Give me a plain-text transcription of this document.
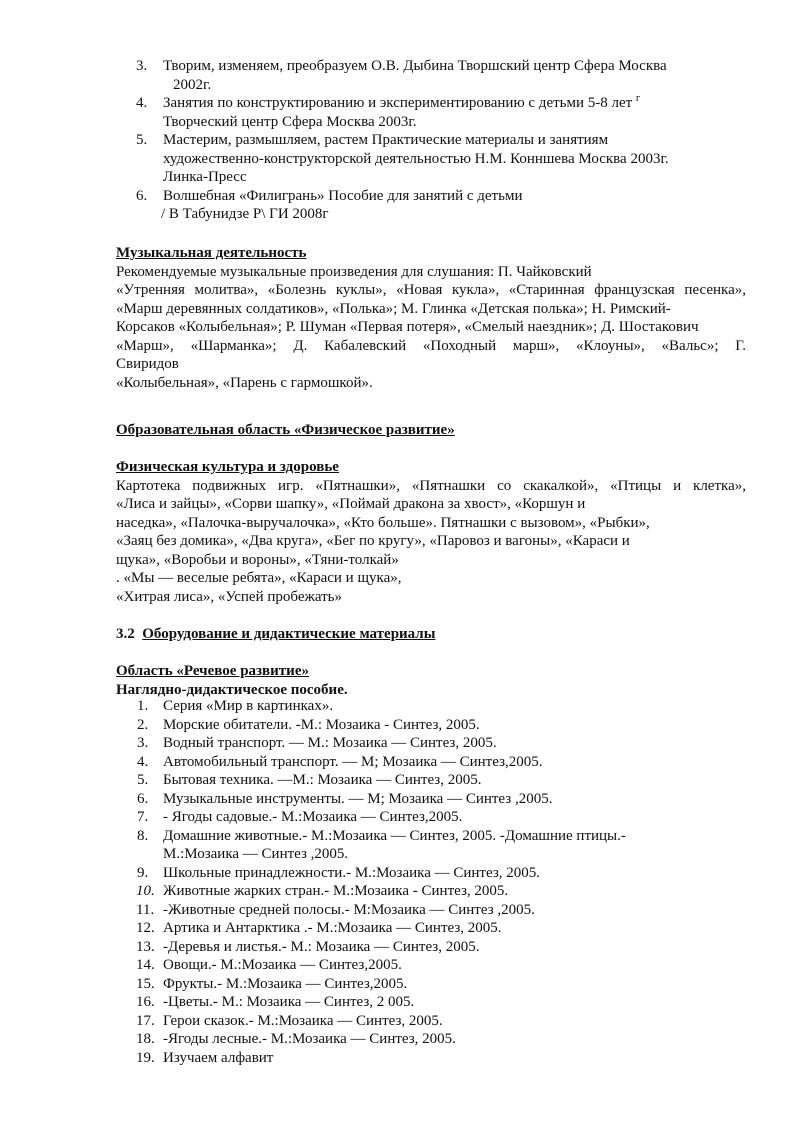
3. Творим, изменяем, преобразуем О.В. Дыбина Творшский центр Сфера Москва
2002г.
4. Занятия по конструктированию и экспериментированию с детьми 5-8 лет $^г$
Творческий центр Сфера Москва 2003г.
5. Мастерим, размышляем, растем Практические материалы и занятиям
художественно-конструкторской деятельностью Н.М. Конншева Москва 2003г.
Линка-Пресс
6. Волшебная «Филигрань» Пособие для занятий с детьми
/ В Табунидзе Р\ ГИ 2008г
Музыкальная деятельность
Рекомендуемые музыкальные произведения для слушания: П. Чайковский
«Утренняя молитва», «Болезнь куклы», «Новая кукла», «Старинная французская песенка»,
«Марш деревянных солдатиков», «Полька»; М. Глинка «Детская полька»; Н. Римский-
Корсаков «Колыбельная»; Р. Шуман «Первая потеря», «Смелый наездник»; Д. Шостакович
«Марш», «Шарманка»; Д. Кабалевский «Походный марш», «Клоуны», «Вальс»; Г.
Свиридов
«Колыбельная», «Парень с гармошкой».
Образовательная область «Физическое развитие»
Физическая культура и здоровье
Картотека подвижных игр. «Пятнашки», «Пятнашки со скакалкой», «Птицы и клетка»,
«Лиса и зайцы», «Сорви шапку», «Поймай дракона за хвост», «Коршун и
наседка», «Палочка-выручалочка», «Кто больше». Пятнашки с вызовом», «Рыбки»,
«Заяц без домика», «Два круга», «Бег по кругу», «Паровоз и вагоны», «Караси и
щука», «Воробьи и вороны», «Тяни-толкай»
. «Мы — веселые ребята», «Караси и щука»,
«Хитрая лиса», «Успей пробежать»
3.2 Оборудование и дидактические материалы
Область «Речевое развитие»
Наглядно-дидактическое пособие.
1. Серия «Мир в картинках».
2. Морские обитатели. -М.: Мозаика - Синтез, 2005.
3. Водный транспорт. — М.: Мозаика — Синтез, 2005.
4. Автомобильный транспорт. — М; Мозаика — Синтез,2005.
5. Бытовая техника. —М.: Мозаика — Синтез, 2005.
6. Музыкальные инструменты. — М; Мозаика — Синтез ,2005.
7. - Ягоды садовые.- М.:Мозаика — Синтез,2005.
8. Домашние животные.- М.:Мозаика — Синтез, 2005. -Домашние птицы.-
М.:Мозаика — Синтез ,2005.
9. Школьные принадлежности.- М.:Мозаика — Синтез, 2005.
10. Животные жарких стран.- М.:Мозаика - Синтез, 2005.
11. -Животные средней полосы.- М:Мозаика — Синтез ,2005.
12. Артика и Антарктика .- М.:Мозаика — Синтез, 2005.
13. -Деревья и листья.- М.: Мозаика — Синтез, 2005.
14. Овощи.- М.:Мозаика — Синтез,2005.
15. Фрукты.- М.:Мозаика — Синтез,2005.
16. -Цветы.- М.: Мозаика — Синтез, 2 005.
17. Герои сказок.- М.:Мозаика — Синтез, 2005.
18. -Ягоды лесные.- М.:Мозаика — Синтез, 2005.
19. Изучаем алфавит
